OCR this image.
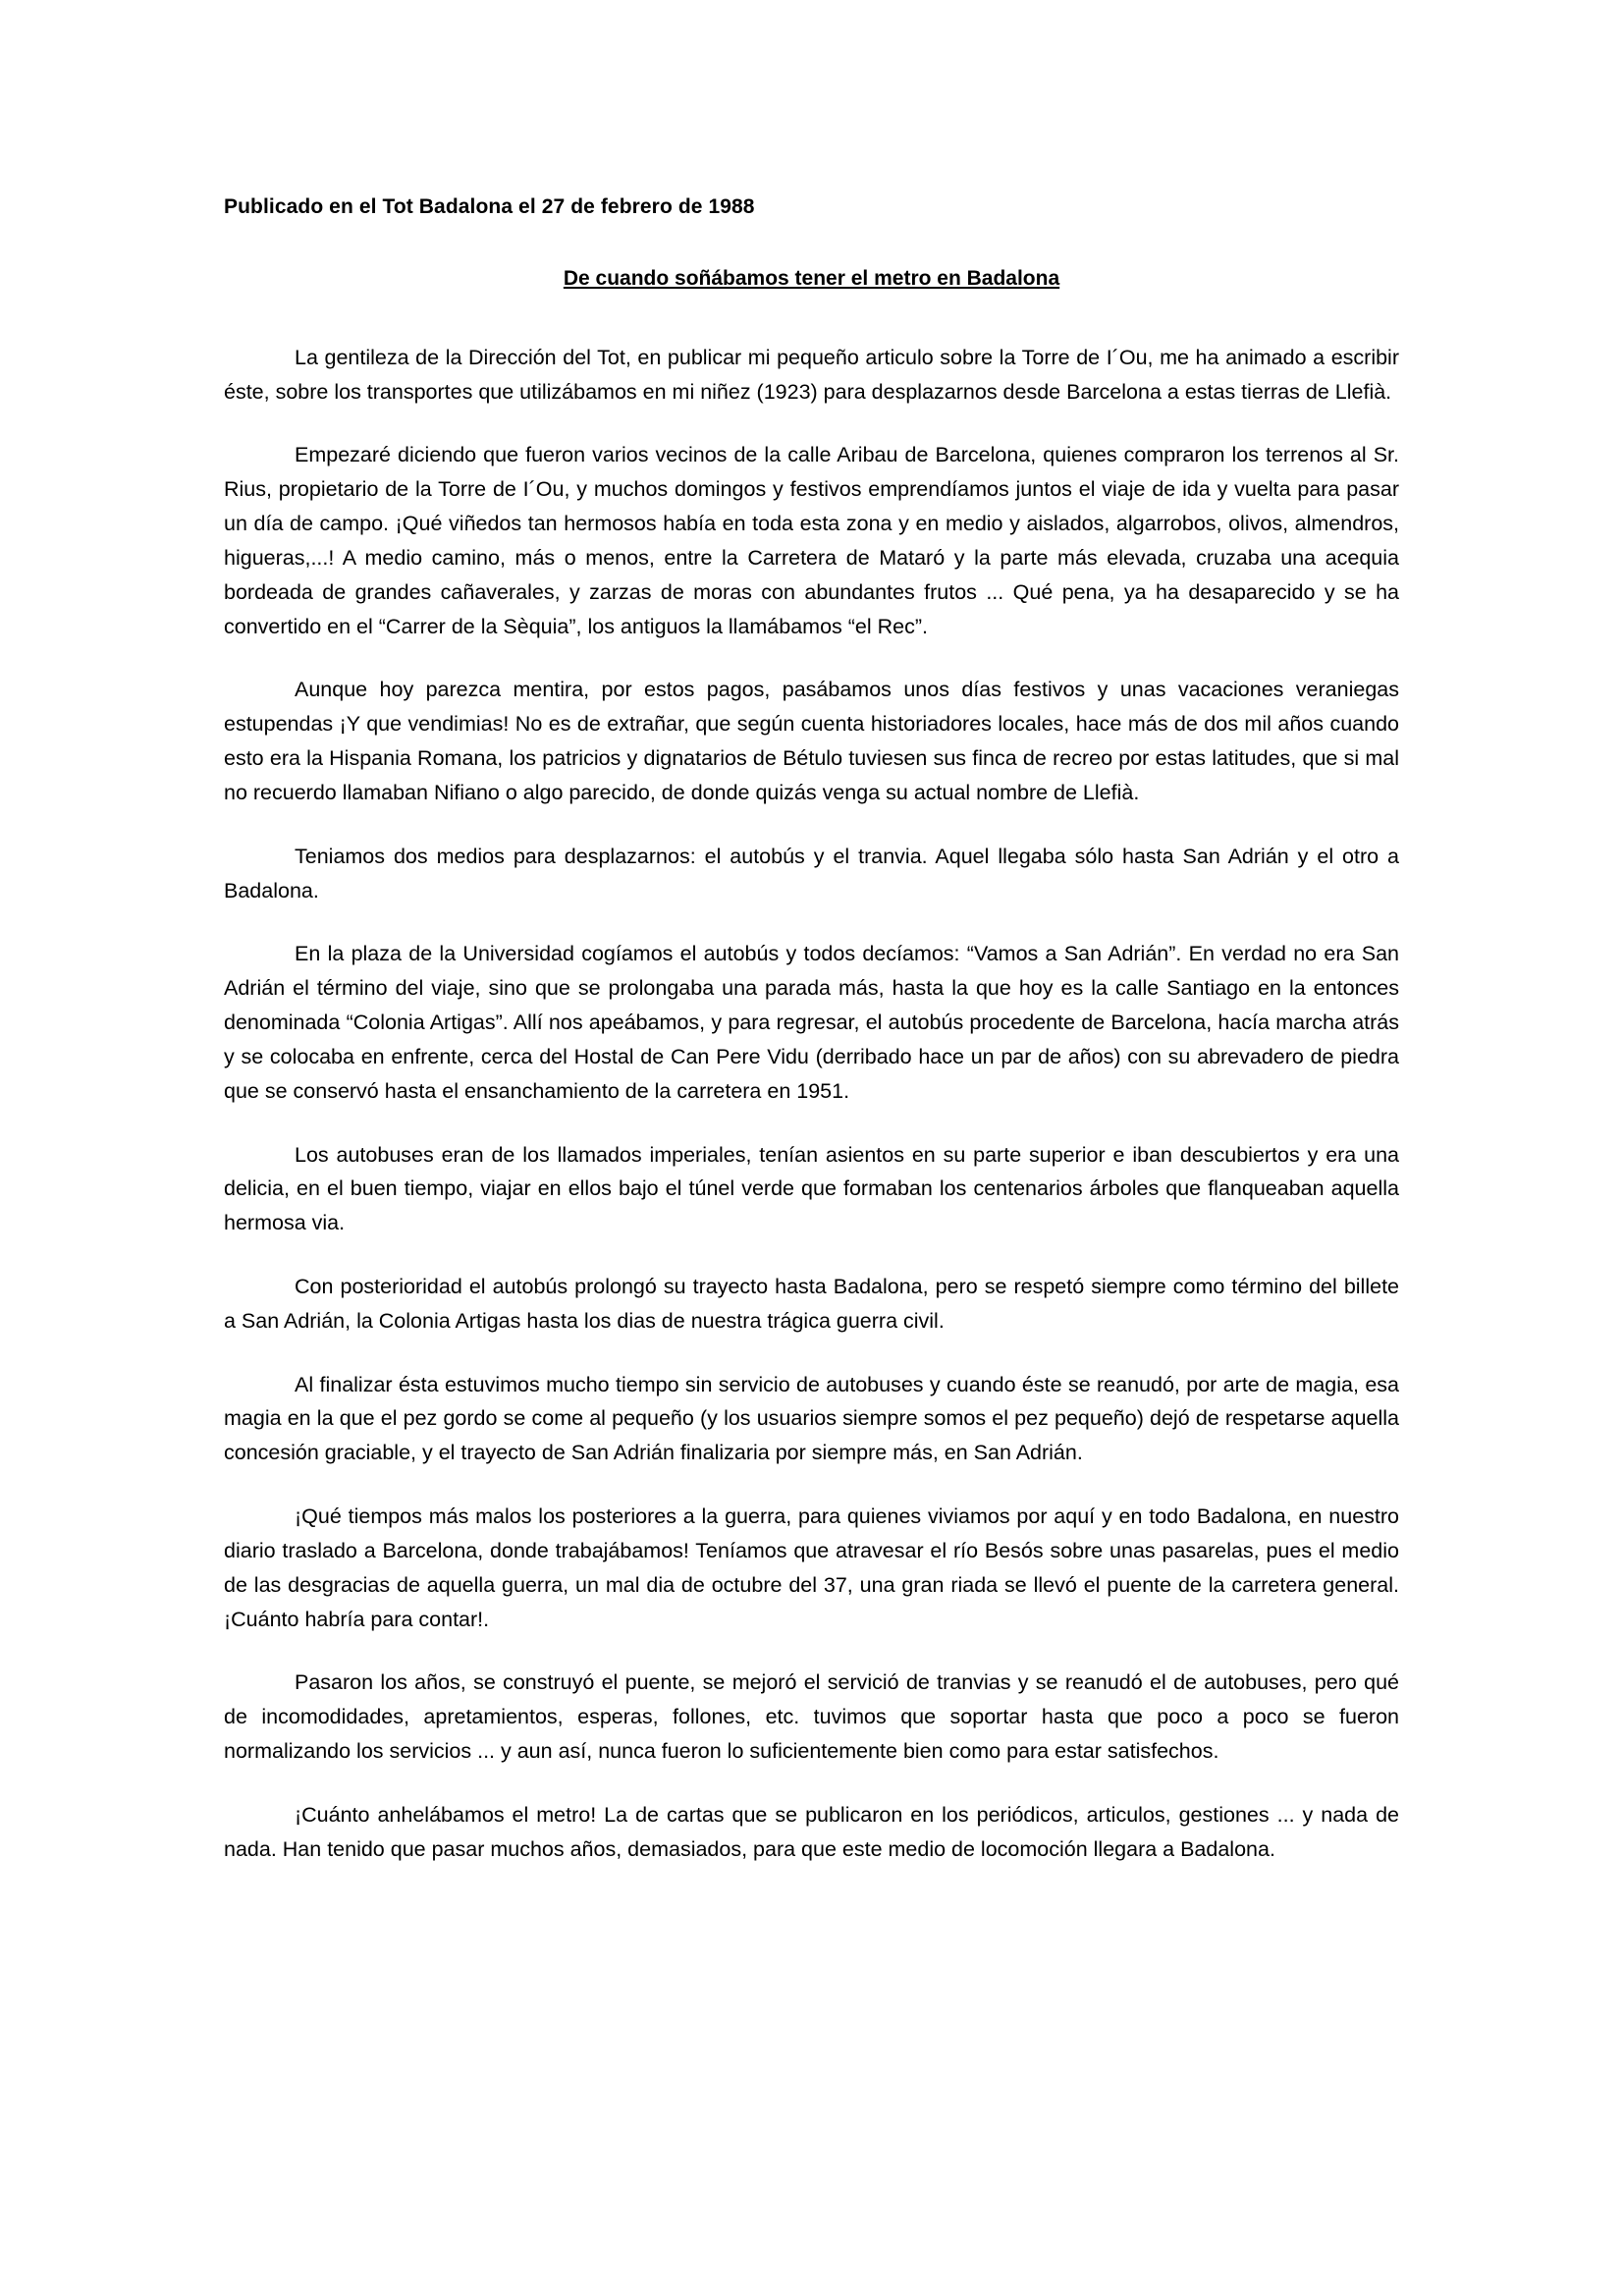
Publicado en el Tot Badalona el 27 de febrero de 1988
De cuando soñábamos tener el metro en Badalona

La gentileza de la Dirección del Tot, en publicar mi pequeño articulo sobre la Torre de I´Ou, me ha animado a escribir éste, sobre los transportes que utilizábamos en mi niñez (1923) para desplazarnos desde Barcelona a estas tierras de Llefià.

Empezaré diciendo que fueron varios vecinos de la calle Aribau de Barcelona, quienes compraron los terrenos al Sr. Rius, propietario de la Torre de I´Ou, y muchos domingos y festivos emprendíamos juntos el viaje de ida y vuelta para pasar un día de campo. ¡Qué viñedos tan hermosos había en toda esta zona y en medio y aislados, algarrobos, olivos, almendros, higueras,...! A medio camino, más o menos, entre la Carretera de Mataró y la parte más elevada, cruzaba una acequia bordeada de grandes cañaverales, y zarzas de moras con abundantes frutos ... Qué pena, ya ha desaparecido y se ha convertido en el “Carrer de la Sèquia”, los antiguos la llamábamos “el Rec”.

Aunque hoy parezca mentira, por estos pagos, pasábamos unos días festivos y unas vacaciones veraniegas estupendas ¡Y que vendimias! No es de extrañar, que según cuenta historiadores locales, hace más de dos mil años cuando esto era la Hispania Romana, los patricios y dignatarios de Bétulo tuviesen sus finca de recreo por estas latitudes, que si mal no recuerdo llamaban Nifiano o algo parecido, de donde quizás venga su actual nombre de Llefià.

Teniamos dos medios para desplazarnos: el autobús y el tranvia. Aquel llegaba sólo hasta San Adrián y el otro a Badalona.

En la plaza de la Universidad cogíamos el autobús y todos decíamos: “Vamos a San Adrián”. En verdad no era San Adrián el término del viaje, sino que se prolongaba una parada más, hasta la que hoy es la calle Santiago en la entonces denominada “Colonia Artigas”. Allí nos apeábamos, y para regresar, el autobús procedente de Barcelona, hacía marcha atrás y se colocaba en enfrente, cerca del Hostal de Can Pere Vidu (derribado hace un par de años) con su abrevadero de piedra que se conservó hasta el ensanchamiento de la carretera en 1951.

Los autobuses eran de los llamados imperiales, tenían asientos en su parte superior e iban descubiertos y era una delicia, en el buen tiempo, viajar en ellos bajo el túnel verde que formaban los centenarios árboles que flanqueaban aquella hermosa via.

Con posterioridad el autobús prolongó su trayecto hasta Badalona, pero se respetó siempre como término del billete a San Adrián, la Colonia Artigas hasta los dias de nuestra trágica guerra civil.

Al finalizar ésta estuvimos mucho tiempo sin servicio de autobuses y cuando éste se reanudó, por arte de magia, esa magia en la que el pez gordo se come al pequeño (y los usuarios siempre somos el pez pequeño) dejó de respetarse aquella concesión graciable, y el trayecto de San Adrián finalizaria por siempre más, en San Adrián.

¡Qué tiempos más malos los posteriores a la guerra, para quienes viviamos por aquí y en todo Badalona, en nuestro diario traslado a Barcelona, donde trabajábamos! Teníamos que atravesar el río Besós sobre unas pasarelas, pues el medio de las desgracias de aquella guerra, un mal dia de octubre del 37, una gran riada se llevó el puente de la carretera general. ¡Cuánto habría para contar!.

Pasaron los años, se construyó el puente, se mejoró el servició de tranvias y se reanudó el de autobuses, pero qué de incomodidades, apretamientos, esperas, follones, etc. tuvimos que soportar hasta que poco a poco se fueron normalizando los servicios ... y aun así, nunca fueron lo suficientemente bien como para estar satisfechos.

¡Cuánto anhelábamos el metro! La de cartas que se publicaron en los periódicos, articulos, gestiones ... y nada de nada. Han tenido que pasar muchos años, demasiados, para que este medio de locomoción llegara a Badalona.
